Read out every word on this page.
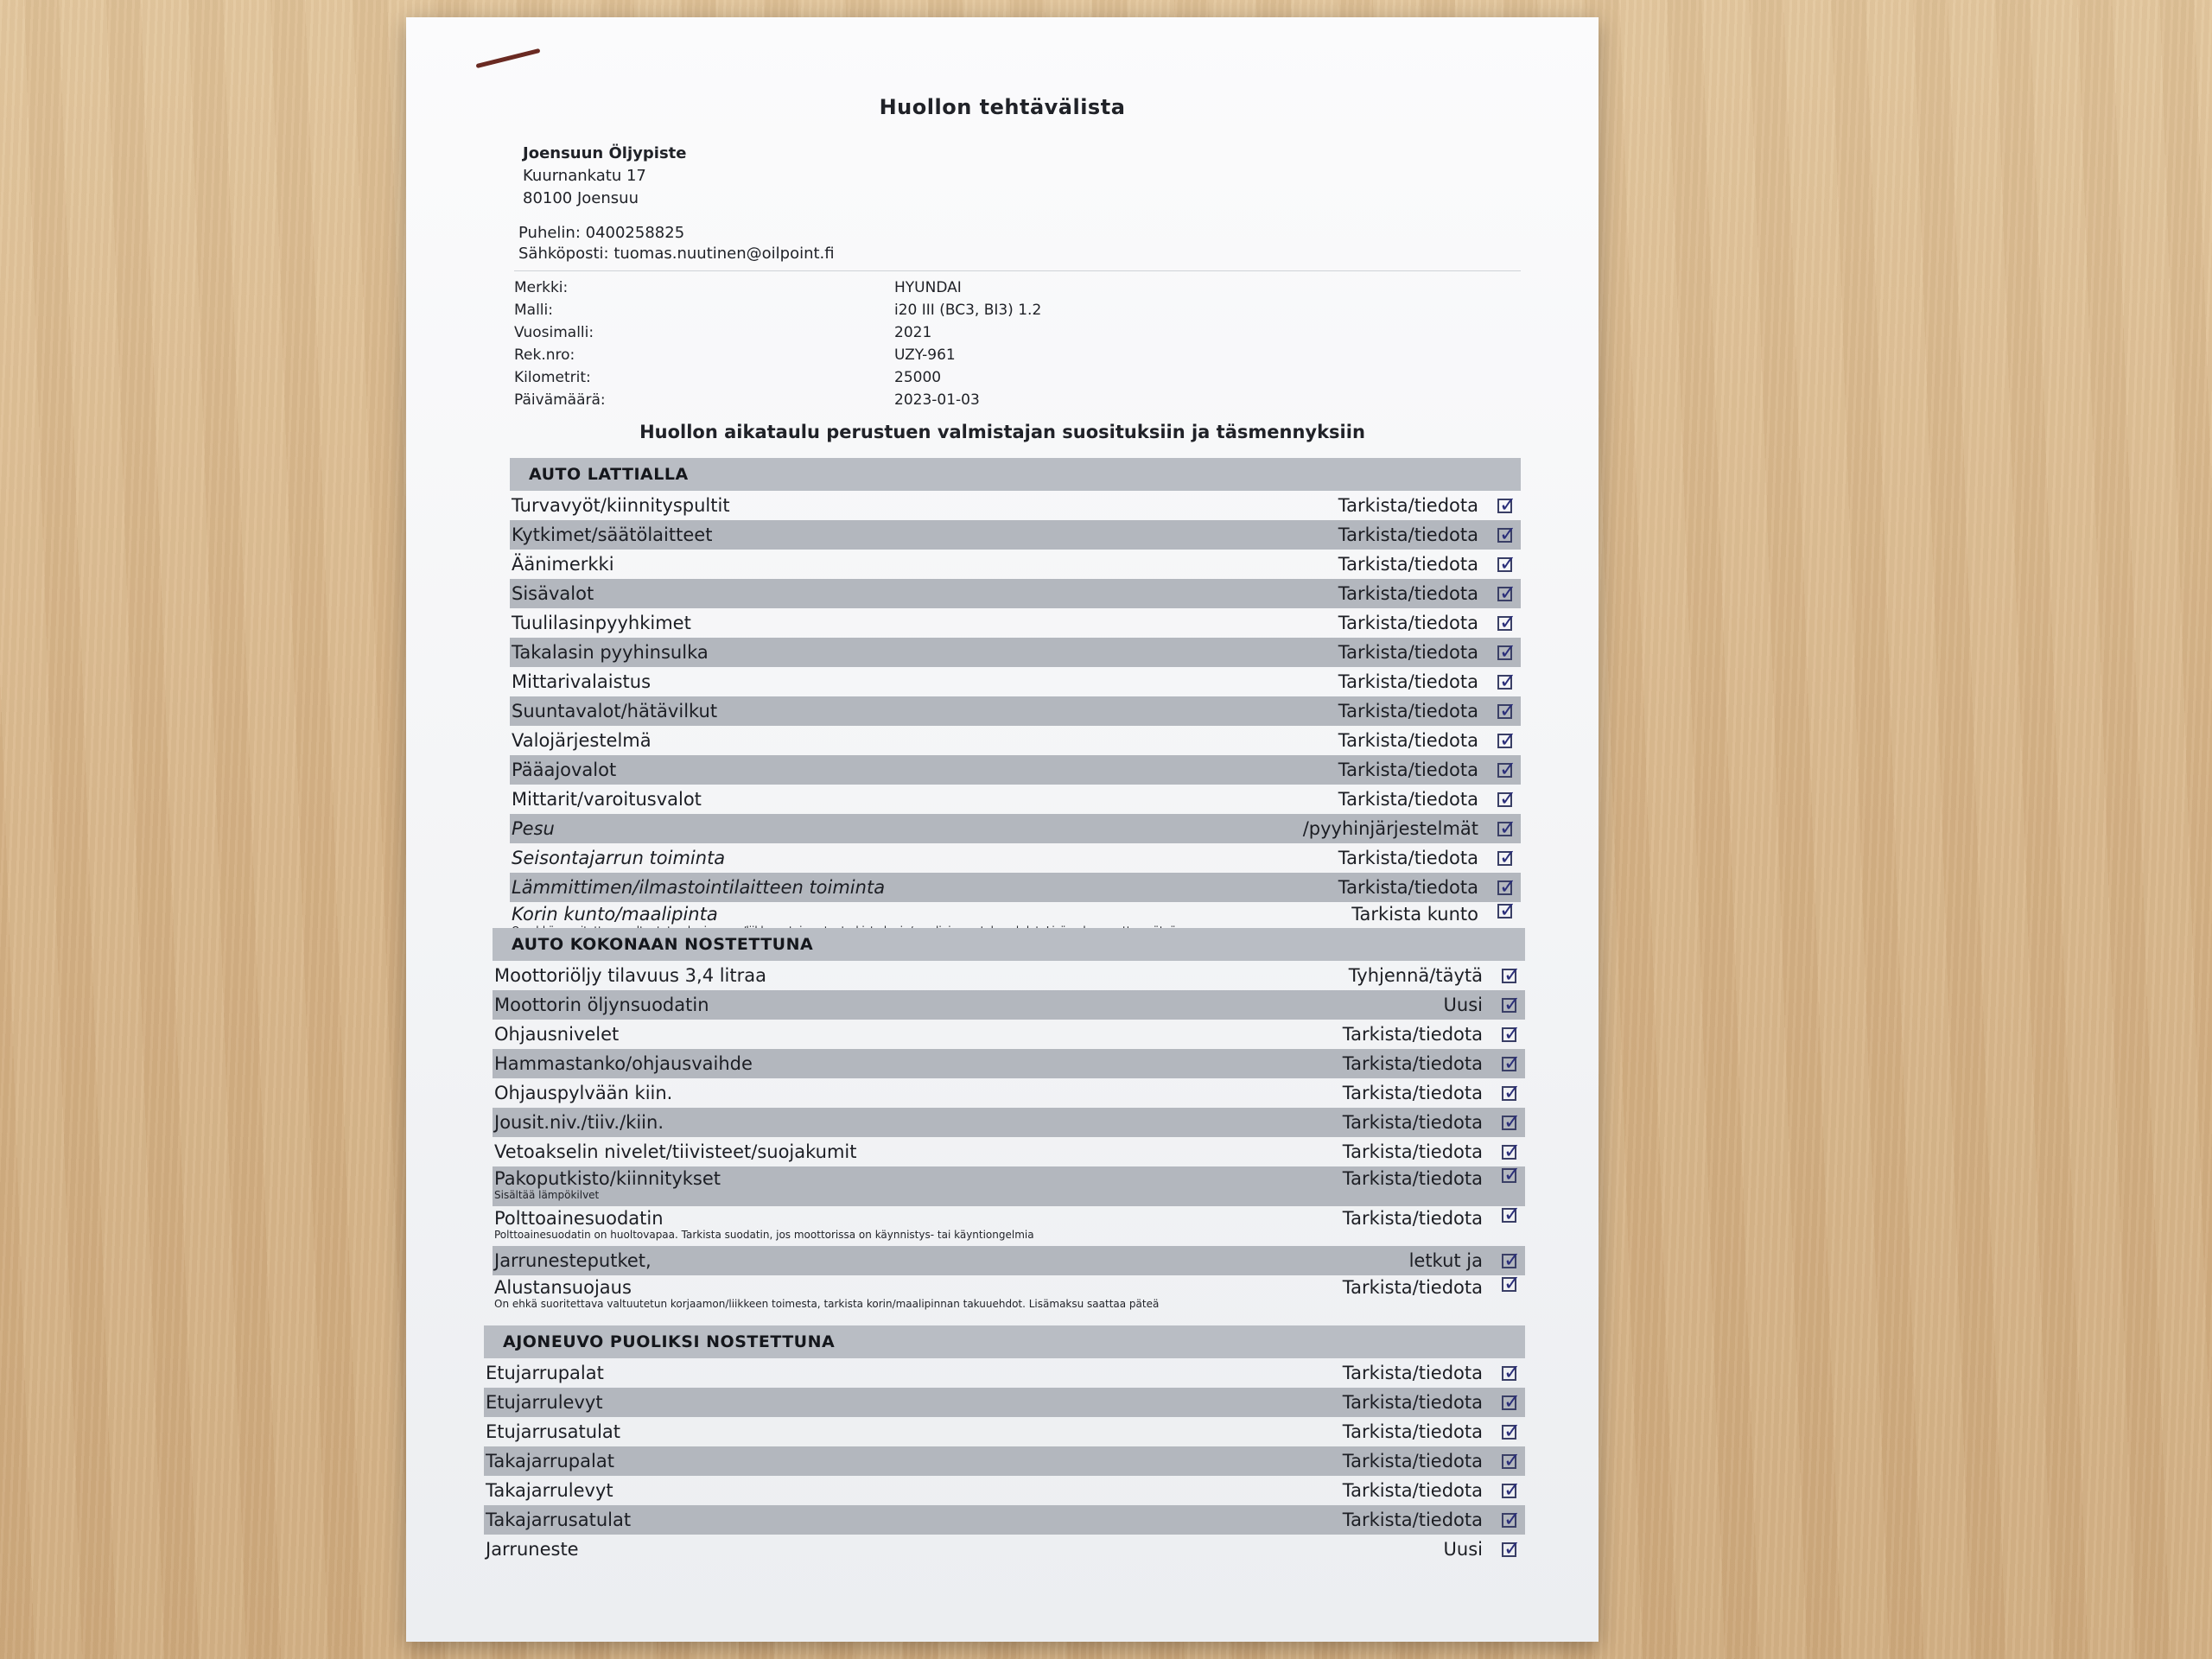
Huollon tehtävälista
Joensuun Öljypiste
Kuurnankatu 17
80100 Joensuu
Puhelin: 0400258825
Sähköposti: tuomas.nuutinen@oilpoint.fi
Merkki:	HYUNDAI
Malli:	i20 III (BC3, BI3) 1.2
Vuosimalli:	2021
Rek.nro:	UZY-961
Kilometrit:	25000
Päivämäärä:	2023-01-03
Huollon aikataulu perustuen valmistajan suosituksiin ja täsmennyksiin
AUTO LATTIALLA
Turvavyöt/kiinnityspultit	Tarkista/tiedota ✓
Kytkimet/säätölaitteet	Tarkista/tiedota ✓
Äänimerkki	Tarkista/tiedota ✓
Sisävalot	Tarkista/tiedota ✓
Tuulilasinpyyhkimet	Tarkista/tiedota ✓
Takalasin pyyhinsulka	Tarkista/tiedota ✓
Mittarivalaistus	Tarkista/tiedota ✓
Suuntavalot/hätävilkut	Tarkista/tiedota ✓
Valojärjestelmä	Tarkista/tiedota ✓
Pääajovalot	Tarkista/tiedota ✓
Mittarit/varoitusvalot	Tarkista/tiedota ✓
Pesu	/pyyhinjärjestelmät ✓
Seisontajarrun toiminta	Tarkista/tiedota ✓
Lämmittimen/ilmastointilaitteen toiminta	Tarkista/tiedota ✓
Korin kunto/maalipinta	Tarkista kunto ✓
AUTO KOKONAAN NOSTETTUNA
Moottoriöljy tilavuus 3,4 litraa	Tyhjennä/täytä ✓
Moottorin öljynsuodatin	Uusi ✓
Ohjausnivelet	Tarkista/tiedota ✓
Hammastanko/ohjausvaihde	Tarkista/tiedota ✓
Ohjauspylvään kiin.	Tarkista/tiedota ✓
Jousit.niv./tiiv./kiin.	Tarkista/tiedota ✓
Vetoakselin nivelet/tiivisteet/suojakumit	Tarkista/tiedota ✓
Pakoputkisto/kiinnitykset	Tarkista/tiedota ✓
Sisältää lämpökilvet
Polttoainesuodatin	Tarkista/tiedota ✓
Polttoainesuodatin on huoltovapaa. Tarkista suodatin, jos moottorissa on käynnistys- tai käyntiongelmia
Jarrunesteputket,	letkut ja ✓
Alustansuojaus	Tarkista/tiedota ✓
On ehkä suoritettava valtuutetun korjaamon/liikkeen toimesta, tarkista korin/maalipinnan takuuehdot. Lisämaksu saattaa päteä
AJONEUVO PUOLIKSI NOSTETTUNA
Etujarrupalat	Tarkista/tiedota ✓
Etujarrulevyt	Tarkista/tiedota ✓
Etujarrusatulat	Tarkista/tiedota ✓
Takajarrupalat	Tarkista/tiedota ✓
Takajarrulevyt	Tarkista/tiedota ✓
Takajarrusatulat	Tarkista/tiedota ✓
Jarruneste	Uusi ✓
